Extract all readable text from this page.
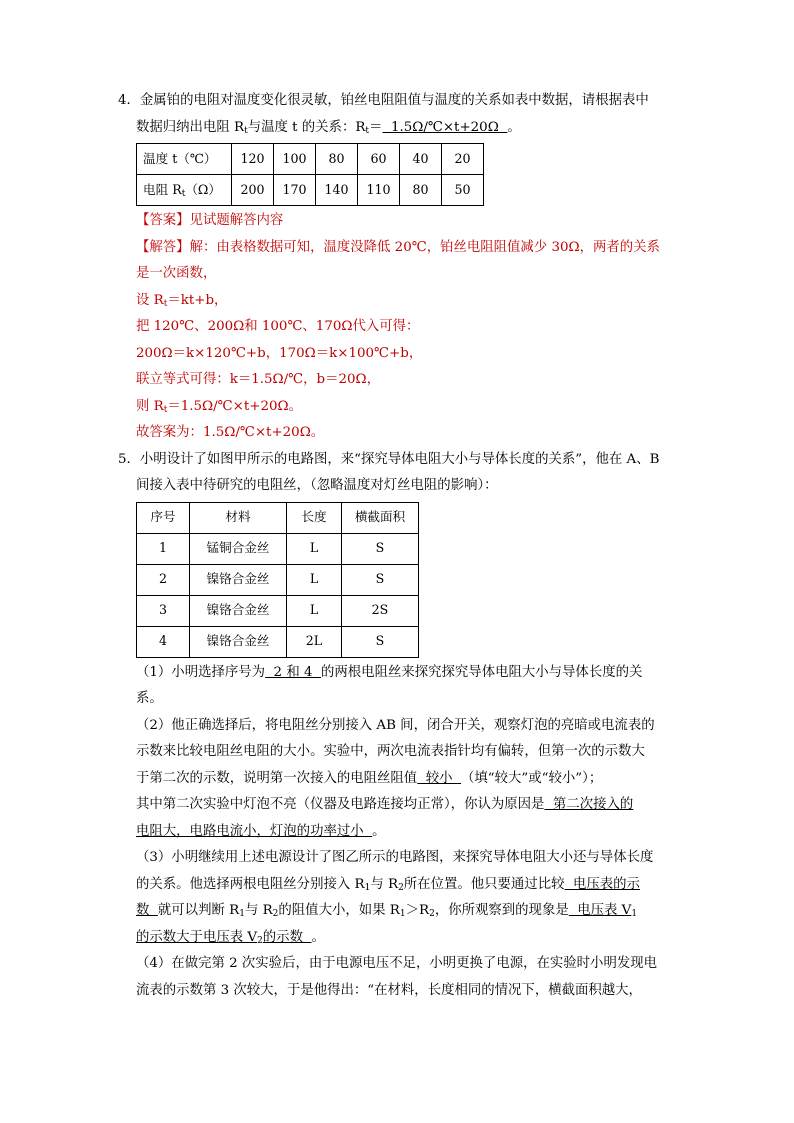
4．金属铂的电阻对温度变化很灵敏，铂丝电阻阻值与温度的关系如表中数据，请根据表中
数据归纳出电阻 $R_t$与温度 t 的关系：$R_t=$  1.5Ω/℃×t+20Ω  。
温度 t（℃）	120	100	80	60	40	20
电阻 $R_t(\Omega)$	200	170	140	110	80	50
【答案】见试题解答内容
【解答】解：由表格数据可知，温度没降低 20℃，铂丝电阻阻值减少 30Ω，两者的关系
是一次函数，
设 $R_t=kt+b$，
把 120℃、200Ω和 100℃、170Ω代入可得：
200Ω＝k×120℃+b，170Ω＝k×100℃+b，
联立等式可得：k＝1.5Ω/℃，b＝20Ω，
则 $R_t=1.5\Omega/℃\times t+20\Omega$。
故答案为：1.5Ω/℃×t+20Ω。
5．小明设计了如图甲所示的电路图，来“探究导体电阻大小与导体长度的关系”，他在 A、B
间接入表中待研究的电阻丝，（忽略温度对灯丝电阻的影响）：
序号	材料	长度	横截面积
1	锰铜合金丝	L	S
2	镍铬合金丝	L	S
3	镍铬合金丝	L	2S
4	镍铬合金丝	2L	S
（1）小明选择序号为  2 和 4  的两根电阻丝来探究探究导体电阻大小与导体长度的关
系。
（2）他正确选择后，将电阻丝分别接入 AB 间，闭合开关，观察灯泡的亮暗或电流表的
示数来比较电阻丝电阻的大小。实验中，两次电流表指针均有偏转，但第一次的示数大
于第二次的示数，说明第一次接入的电阻丝阻值  较小  （填“较大”或“较小”）；
其中第二次实验中灯泡不亮（仪器及电路连接均正常），你认为原因是  第二次接入的
电阻大，电路电流小，灯泡的功率过小  。
（3）小明继续用上述电源设计了图乙所示的电路图，来探究导体电阻大小还与导体长度
的关系。他选择两根电阻丝分别接入 $R_1$与 $R_2$所在位置。他只要通过比较  电压表的示
数  就可以判断 $R_1$与 $R_2$的阻值大小，如果 $R_1>R_2$，你所观察到的现象是  电压表 $V_1$
的示数大于电压表 $V_2$的示数  。
（4）在做完第 2 次实验后，由于电源电压不足，小明更换了电源，在实验时小明发现电
流表的示数第 3 次较大，于是他得出：“在材料，长度相同的情况下，横截面积越大，
